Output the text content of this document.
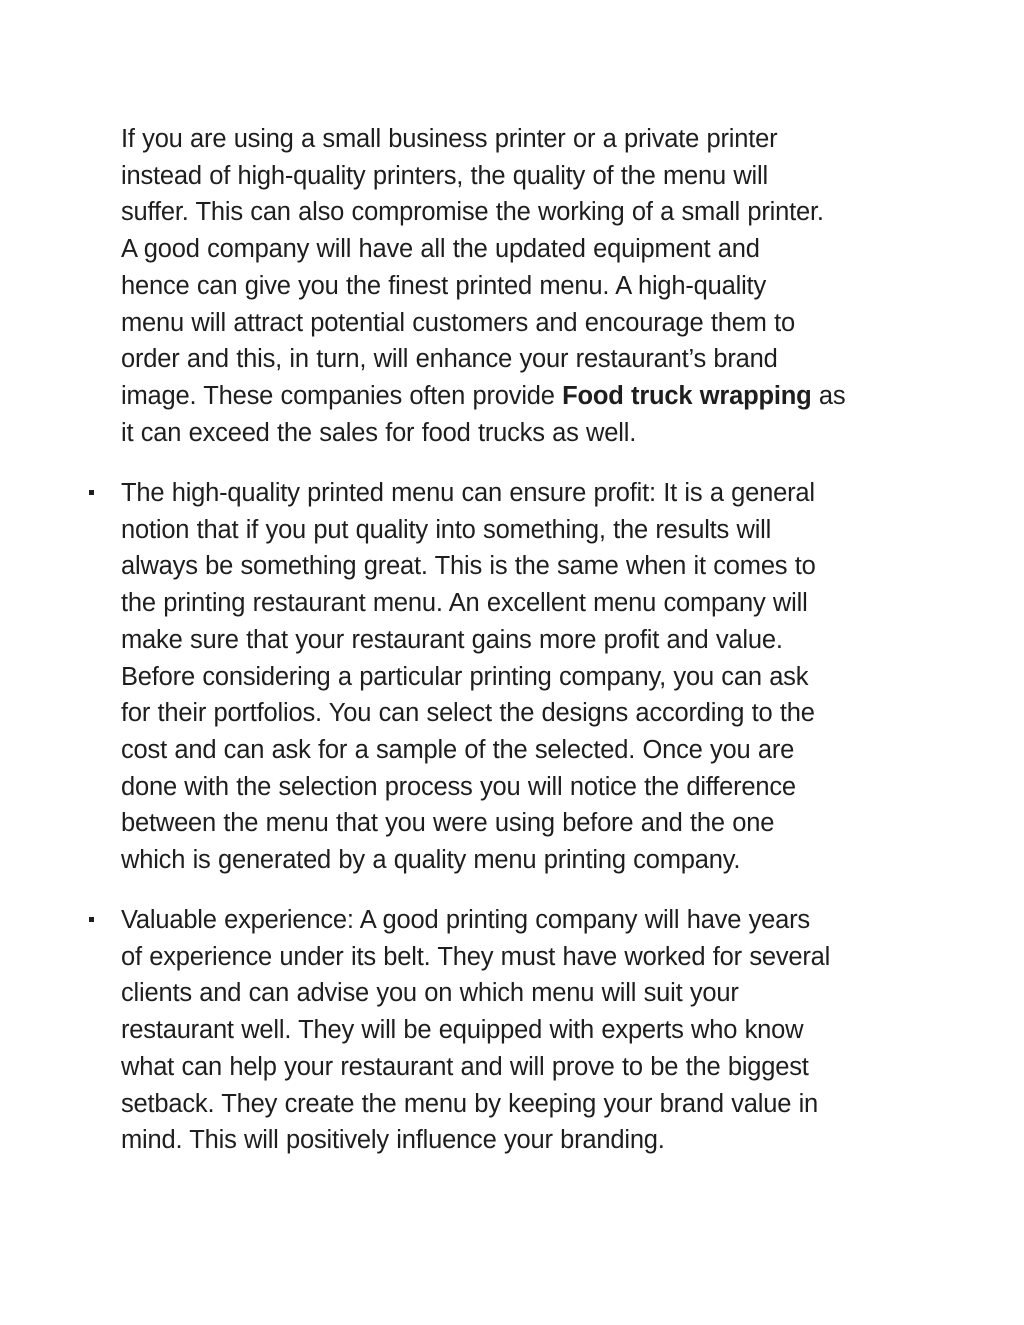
If you are using a small business printer or a private printer
instead of high-quality printers, the quality of the menu will
suffer. This can also compromise the working of a small printer.
A good company will have all the updated equipment and
hence can give you the finest printed menu. A high-quality
menu will attract potential customers and encourage them to
order and this, in turn, will enhance your restaurant’s brand
image. These companies often provide Food truck wrapping as
it can exceed the sales for food trucks as well.

The high-quality printed menu can ensure profit: It is a general
notion that if you put quality into something, the results will
always be something great. This is the same when it comes to
the printing restaurant menu. An excellent menu company will
make sure that your restaurant gains more profit and value.
Before considering a particular printing company, you can ask
for their portfolios. You can select the designs according to the
cost and can ask for a sample of the selected. Once you are
done with the selection process you will notice the difference
between the menu that you were using before and the one
which is generated by a quality menu printing company.
Valuable experience: A good printing company will have years
of experience under its belt. They must have worked for several
clients and can advise you on which menu will suit your
restaurant well. They will be equipped with experts who know
what can help your restaurant and will prove to be the biggest
setback. They create the menu by keeping your brand value in
mind. This will positively influence your branding.
